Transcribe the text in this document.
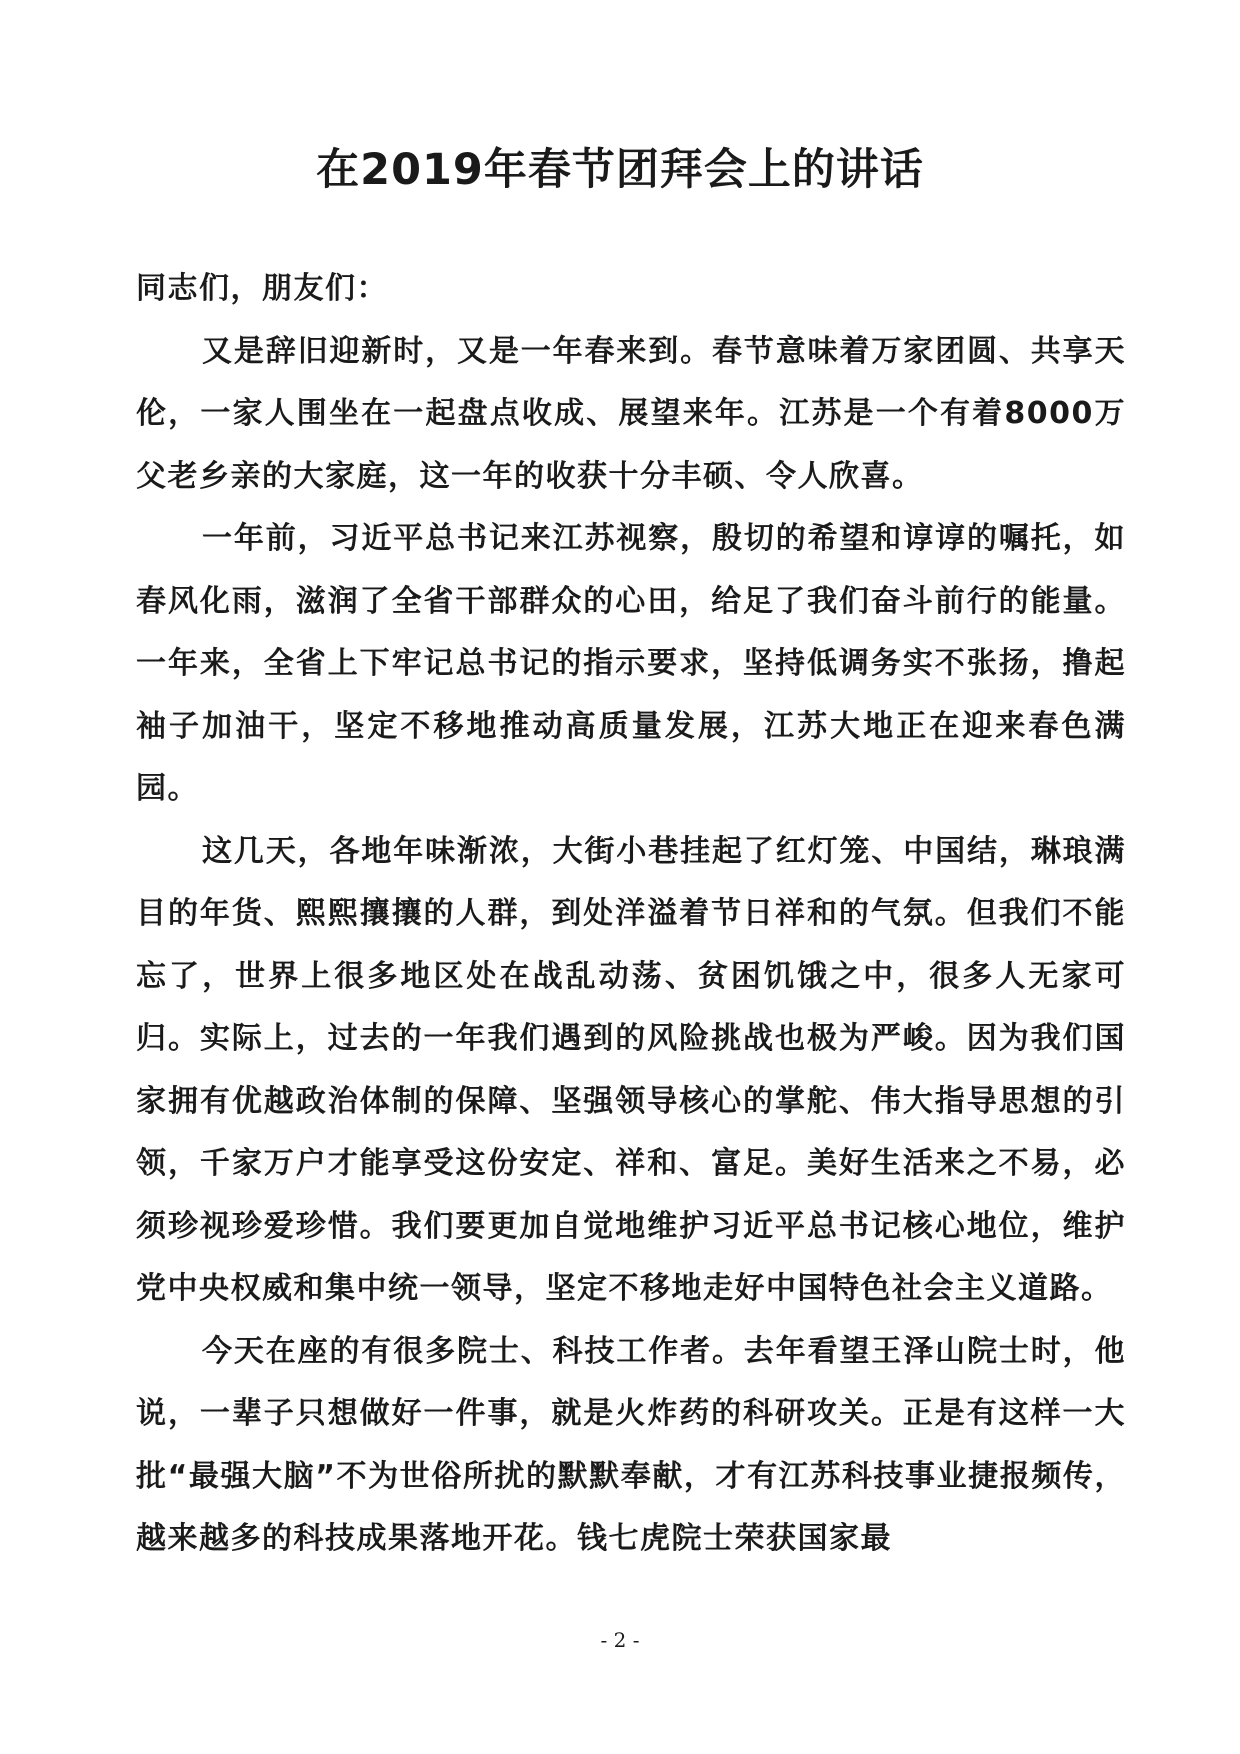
在2019年春节团拜会上的讲话

同志们，朋友们：

又是辞旧迎新时，又是一年春来到。春节意味着万家团圆、共享天伦，一家人围坐在一起盘点收成、展望来年。江苏是一个有着8000万父老乡亲的大家庭，这一年的收获十分丰硕、令人欣喜。

一年前，习近平总书记来江苏视察，殷切的希望和谆谆的嘱托，如春风化雨，滋润了全省干部群众的心田，给足了我们奋斗前行的能量。一年来，全省上下牢记总书记的指示要求，坚持低调务实不张扬，撸起袖子加油干，坚定不移地推动高质量发展，江苏大地正在迎来春色满园。

这几天，各地年味渐浓，大街小巷挂起了红灯笼、中国结，琳琅满目的年货、熙熙攘攘的人群，到处洋溢着节日祥和的气氛。但我们不能忘了，世界上很多地区处在战乱动荡、贫困饥饿之中，很多人无家可归。实际上，过去的一年我们遇到的风险挑战也极为严峻。因为我们国家拥有优越政治体制的保障、坚强领导核心的掌舵、伟大指导思想的引领，千家万户才能享受这份安定、祥和、富足。美好生活来之不易，必须珍视珍爱珍惜。我们要更加自觉地维护习近平总书记核心地位，维护党中央权威和集中统一领导，坚定不移地走好中国特色社会主义道路。

今天在座的有很多院士、科技工作者。去年看望王泽山院士时，他说，一辈子只想做好一件事，就是火炸药的科研攻关。正是有这样一大批“最强大脑”不为世俗所扰的默默奉献，才有江苏科技事业捷报频传，越来越多的科技成果落地开花。钱七虎院士荣获国家最

- 2 -
